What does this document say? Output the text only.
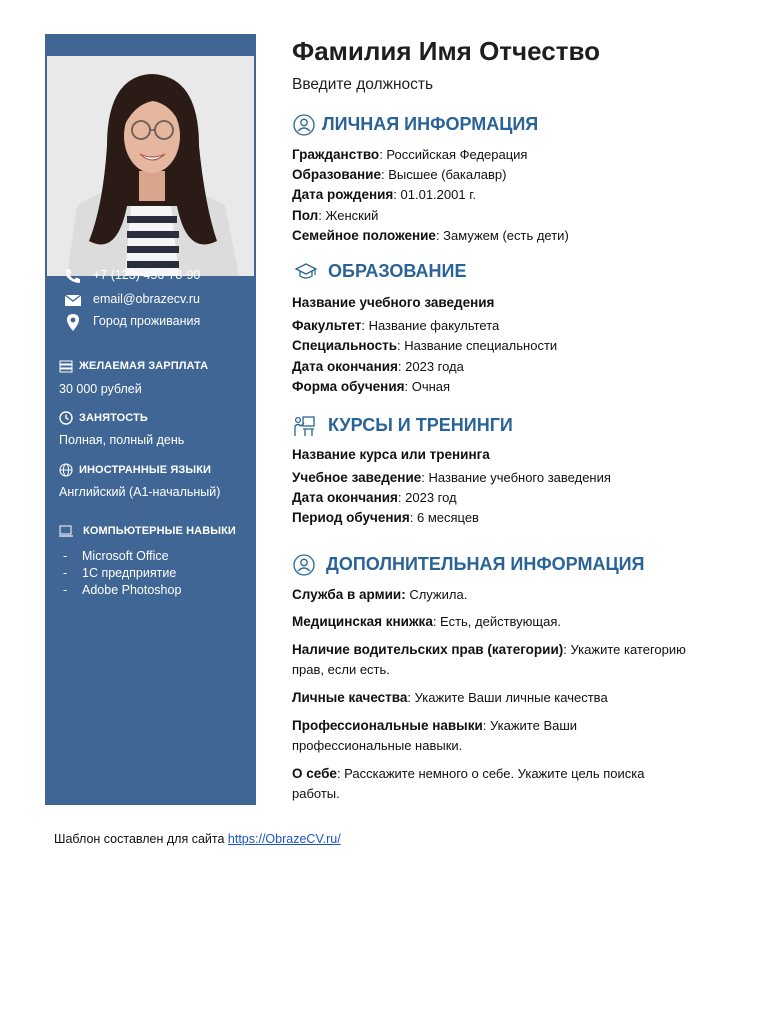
+7 (123) 456-78-90
email@obrazecv.ru
Город проживания
ЖЕЛАЕМАЯ ЗАРПЛАТА
30 000 рублей
ЗАНЯТОСТЬ
Полная, полный день
ИНОСТРАННЫЕ ЯЗЫКИ
Английский (А1-начальный)
КОМПЬЮТЕРНЫЕ НАВЫКИ
- Microsoft Office
- 1С предприятие
- Adobe Photoshop
Фамилия Имя Отчество
Введите должность
ЛИЧНАЯ ИНФОРМАЦИЯ
Гражданство: Российская Федерация
Образование: Высшее (бакалавр)
Дата рождения: 01.01.2001 г.
Пол: Женский
Семейное положение: Замужем (есть дети)
ОБРАЗОВАНИЕ
Название учебного заведения
Факультет: Название факультета
Специальность: Название специальности
Дата окончания: 2023 года
Форма обучения: Очная
КУРСЫ И ТРЕНИНГИ
Название курса или тренинга
Учебное заведение: Название учебного заведения
Дата окончания: 2023 год
Период обучения: 6 месяцев
ДОПОЛНИТЕЛЬНАЯ ИНФОРМАЦИЯ
Служба в армии: Служила.
Медицинская книжка: Есть, действующая.
Наличие водительских прав (категории): Укажите категорию прав, если есть.
Личные качества: Укажите Ваши личные качества
Профессиональные навыки: Укажите Ваши профессиональные навыки.
О себе: Расскажите немного о себе. Укажите цель поиска работы.
Шаблон составлен для сайта https://ObrazeCV.ru/
